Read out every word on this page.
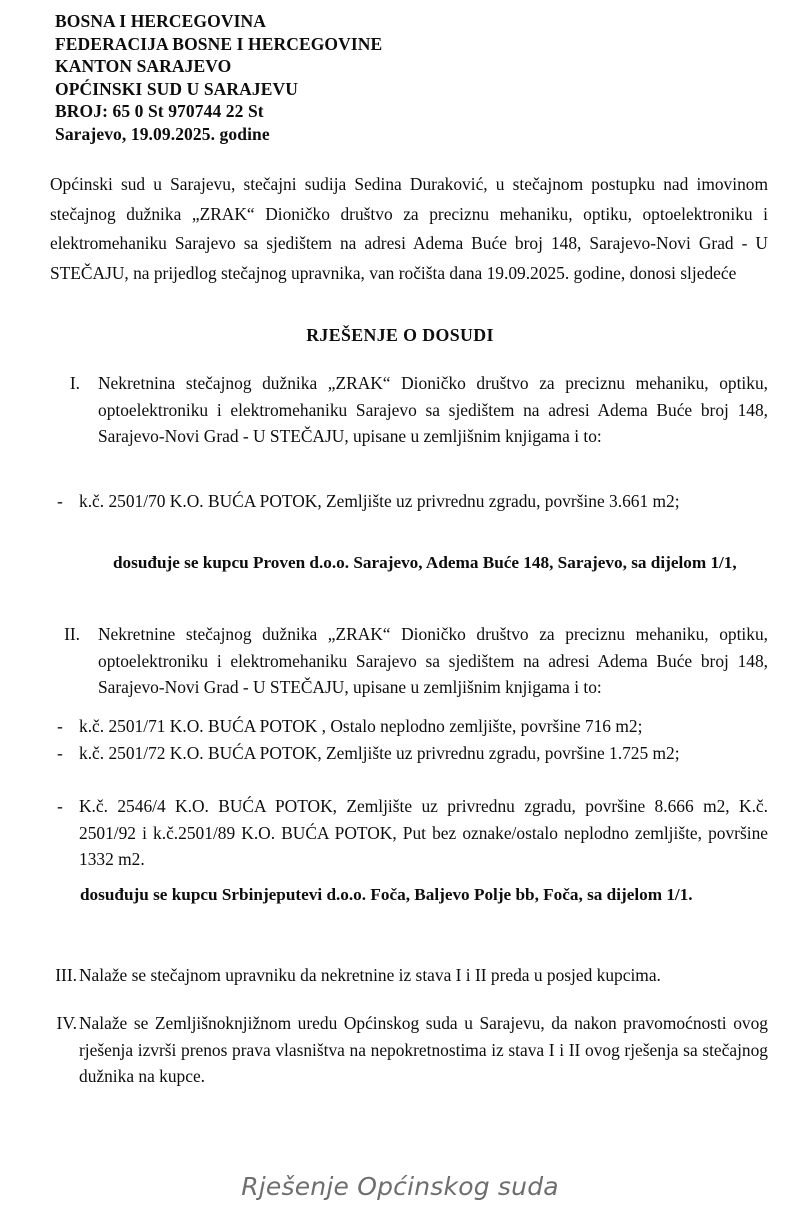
BOSNA I HERCEGOVINA
FEDERACIJA BOSNE I HERCEGOVINE
KANTON SARAJEVO
OPĆINSKI SUD U SARAJEVU
BROJ: 65 0 St 970744 22 St
Sarajevo, 19.09.2025. godine
Općinski sud u Sarajevu, stečajni sudija Sedina Duraković, u stečajnom postupku nad imovinom stečajnog dužnika „ZRAK“ Dioničko društvo za preciznu mehaniku, optiku, optoelektroniku i elektromehaniku Sarajevo sa sjedištem na adresi Adema Buće broj 148, Sarajevo-Novi Grad - U STEČAJU, na prijedlog stečajnog upravnika, van ročišta dana 19.09.2025. godine, donosi sljedeće
RJEŠENJE O DOSUDI
I. Nekretnina stečajnog dužnika „ZRAK“ Dioničko društvo za preciznu mehaniku, optiku, optoelektroniku i elektromehaniku Sarajevo sa sjedištem na adresi Adema Buće broj 148, Sarajevo-Novi Grad - U STEČAJU, upisane u zemljišnim knjigama i to:
- k.č. 2501/70 K.O. BUĆA POTOK, Zemljište uz privrednu zgradu, površine 3.661 m2;
dosuđuje se kupcu Proven d.o.o. Sarajevo, Adema Buće 148, Sarajevo, sa dijelom 1/1,
II. Nekretnine stečajnog dužnika „ZRAK“ Dioničko društvo za preciznu mehaniku, optiku, optoelektroniku i elektromehaniku Sarajevo sa sjedištem na adresi Adema Buće broj 148, Sarajevo-Novi Grad - U STEČAJU, upisane u zemljišnim knjigama i to:
- k.č. 2501/71 K.O. BUĆA POTOK , Ostalo neplodno zemljište, površine 716 m2;
- k.č. 2501/72 K.O. BUĆA POTOK, Zemljište uz privrednu zgradu, površine 1.725 m2;
- K.č. 2546/4 K.O. BUĆA POTOK, Zemljište uz privrednu zgradu, površine 8.666 m2, K.č. 2501/92 i k.č.2501/89 K.O. BUĆA POTOK, Put bez oznake/ostalo neplodno zemljište, površine 1332 m2.
dosuđuju se kupcu Srbinjeputevi d.o.o. Foča, Baljevo Polje bb, Foča, sa dijelom 1/1.
III. Nalaže se stečajnom upravniku da nekretnine iz stava I i II preda u posjed kupcima.
IV. Nalaže se Zemljišnoknjižnom uredu Općinskog suda u Sarajevu, da nakon pravomoćnosti ovog rješenja izvrši prenos prava vlasništva na nepokretnostima iz stava I i II ovog rješenja sa stečajnog dužnika na kupce.
Rješenje Općinskog suda
